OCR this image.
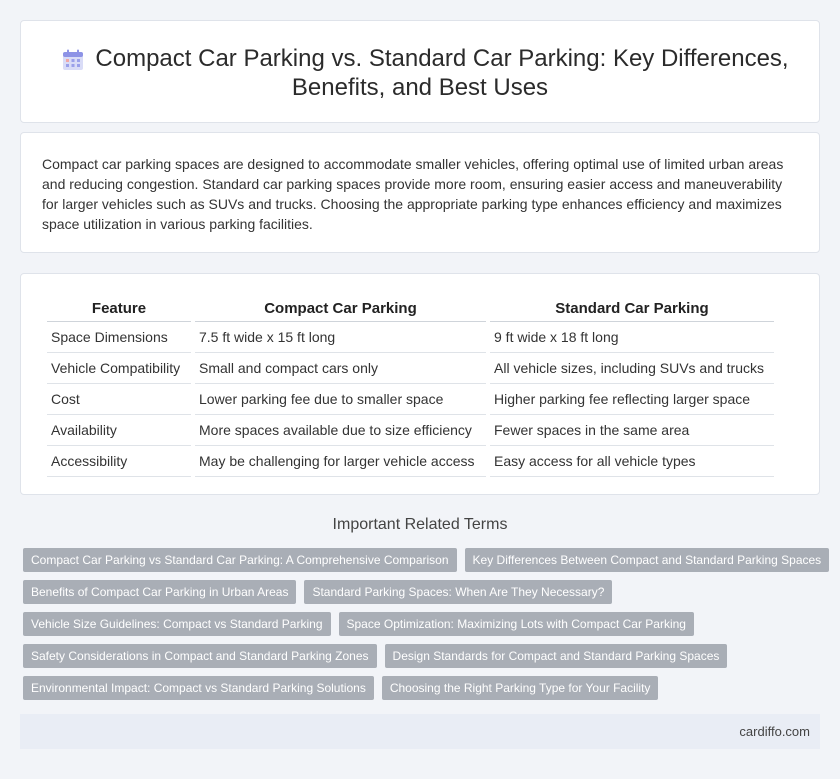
Compact Car Parking vs. Standard Car Parking: Key Differences,
Benefits, and Best Uses

Compact car parking spaces are designed to accommodate smaller vehicles, offering optimal use of limited urban areas and reducing congestion. Standard car parking spaces provide more room, ensuring easier access and maneuverability for larger vehicles such as SUVs and trucks. Choosing the appropriate parking type enhances efficiency and maximizes space utilization in various parking facilities.

Feature	Compact Car Parking	Standard Car Parking
Space Dimensions	7.5 ft wide x 15 ft long	9 ft wide x 18 ft long
Vehicle Compatibility	Small and compact cars only	All vehicle sizes, including SUVs and trucks
Cost	Lower parking fee due to smaller space	Higher parking fee reflecting larger space
Availability	More spaces available due to size efficiency	Fewer spaces in the same area
Accessibility	May be challenging for larger vehicle access	Easy access for all vehicle types
Important Related Terms
Compact Car Parking vs Standard Car Parking: A Comprehensive Comparison	Key Differences Between Compact and Standard Parking Spaces
Benefits of Compact Car Parking in Urban Areas	Standard Parking Spaces: When Are They Necessary?
Vehicle Size Guidelines: Compact vs Standard Parking	Space Optimization: Maximizing Lots with Compact Car Parking
Safety Considerations in Compact and Standard Parking Zones	Design Standards for Compact and Standard Parking Spaces
Environmental Impact: Compact vs Standard Parking Solutions	Choosing the Right Parking Type for Your Facility
cardiffo.com
